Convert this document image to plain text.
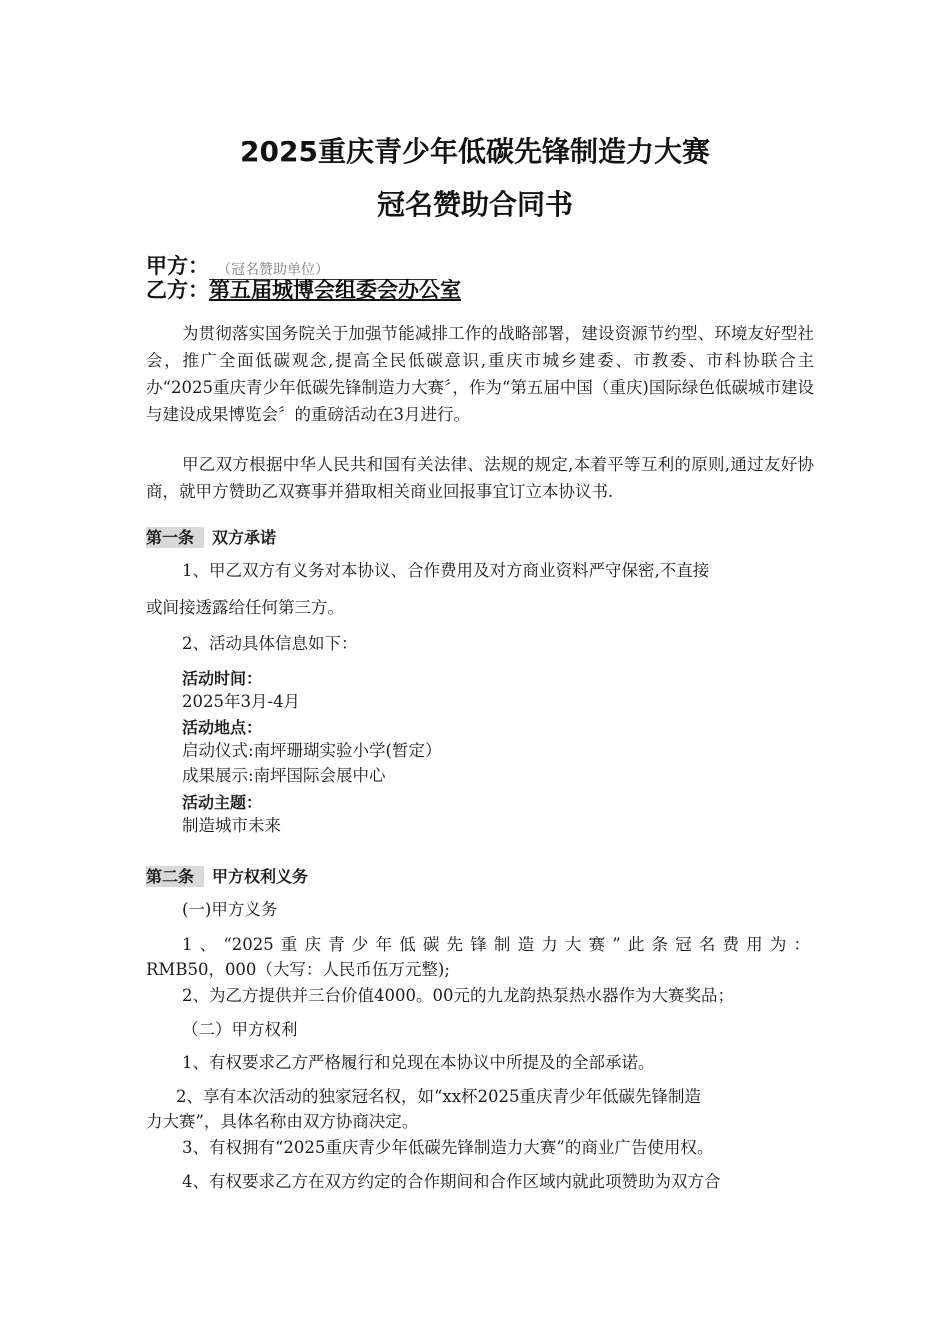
2025重庆青少年低碳先锋制造力大赛
冠名赞助合同书
甲方： （冠名赞助单位）
乙方：第五届城博会组委会办公室
为贯彻落实国务院关于加强节能减排工作的战略部署，建设资源节约型、环境友好型社会，推广全面低碳观念,提高全民低碳意识,重庆市城乡建委、市教委、市科协联合主办“2025重庆青少年低碳先锋制造力大赛〞，作为“第五届中国（重庆)国际绿色低碳城市建设与建设成果博览会〞的重磅活动在3月进行。
甲乙双方根据中华人民共和国有关法律、法规的规定,本着平等互利的原则,通过友好协商，就甲方赞助乙双赛事并猎取相关商业回报事宜订立本协议书.
第一条 双方承诺
1、甲乙双方有义务对本协议、合作费用及对方商业资料严守保密,不直接
或间接透露给任何第三方。
2、活动具体信息如下：
活动时间：
2025年3月-4月
活动地点：
启动仪式:南坪珊瑚实验小学(暂定）
成果展示:南坪国际会展中心
活动主题：
制造城市未来
第二条 甲方权利义务
(一)甲方义务
1、“2025重庆青少年低碳先锋制造力大赛”此条冠名费用为：
RMB50，000（大写：人民币伍万元整);
2、为乙方提供并三台价值4000。00元的九龙韵热泵热水器作为大赛奖品；
（二）甲方权利
1、有权要求乙方严格履行和兑现在本协议中所提及的全部承诺。
2、享有本次活动的独家冠名权，如“xx杯2025重庆青少年低碳先锋制造
力大赛”，具体名称由双方协商决定。
3、有权拥有“2025重庆青少年低碳先锋制造力大赛”的商业广告使用权。
4、有权要求乙方在双方约定的合作期间和合作区域内就此项赞助为双方合
